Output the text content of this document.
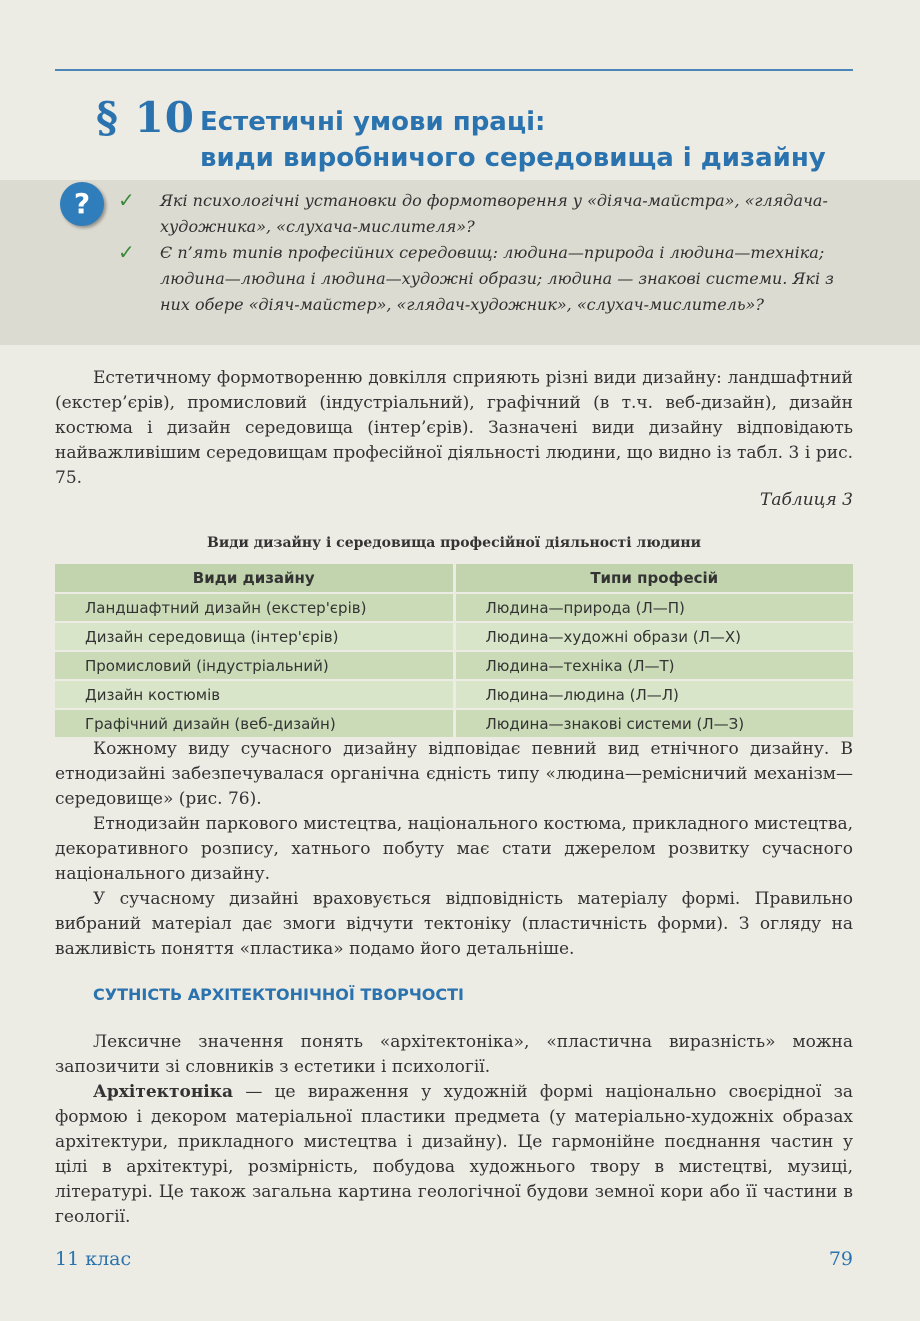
§ 10 Естетичні умови праці:
види виробничого середовища і дизайну
?	✓ Які психологічні установки до формотворення у «діяча-майстра», «глядача-художника», «слухача-мислителя»?
✓ Є п’ять типів професійних середовищ: людина—природа і людина—техніка; людина—людина і людина—художні образи; людина — знакові системи. Які з них обере «діяч-майстер», «глядач-художник», «слухач-мислитель»?

Естетичному формотворенню довкілля сприяють різні види дизайну: ландшафтний (екстер’єрів), промисловий (індустріальний), графічний (в т.ч. веб-дизайн), дизайн костюма і дизайн середовища (інтер’єрів). Зазначені види дизайну відповідають найважливішим середовищам професійної діяльності людини, що видно із табл. 3 і рис. 75.

Таблиця 3
Види дизайну і середовища професійної діяльності людини
Види дизайну	Типи професій
Ландшафтний дизайн (екстер'єрів)	Людина—природа (Л—П)
Дизайн середовища (інтер'єрів)	Людина—художні образи (Л—Х)
Промисловий (індустріальний)	Людина—техніка (Л—Т)
Дизайн костюмів	Людина—людина (Л—Л)
Графічний дизайн (веб-дизайн)	Людина—знакові системи (Л—З)

Кожному виду сучасного дизайну відповідає певний вид етнічного дизайну. В етнодизайні забезпечувалася органічна єдність типу «людина—ремісничий механізм—середовище» (рис. 76).

Етнодизайн паркового мистецтва, національного костюма, прикладного мистецтва, декоративного розпису, хатнього побуту має стати джерелом розвитку сучасного національного дизайну.

У сучасному дизайні враховується відповідність матеріалу формі. Правильно вибраний матеріал дає змоги відчути тектоніку (пластичність форми). З огляду на важливість поняття «пластика» подамо його детальніше.

СУТНІСТЬ АРХІТЕКТОНІЧНОЇ ТВОРЧОСТІ

Лексичне значення понять «архітектоніка», «пластична виразність» можна запозичити зі словників з естетики і психології.

Архітектоніка — це вираження у художній формі національно своєрідної за формою і декором матеріальної пластики предмета (у матеріально-художніх образах архітектури, прикладного мистецтва і дизайну). Це гармонійне поєднання частин у цілі в архітектурі, розмірність, побудова художнього твору в мистецтві, музиці, літературі. Це також загальна картина геологічної будови земної кори або її частини в геології.

11 клас	79
